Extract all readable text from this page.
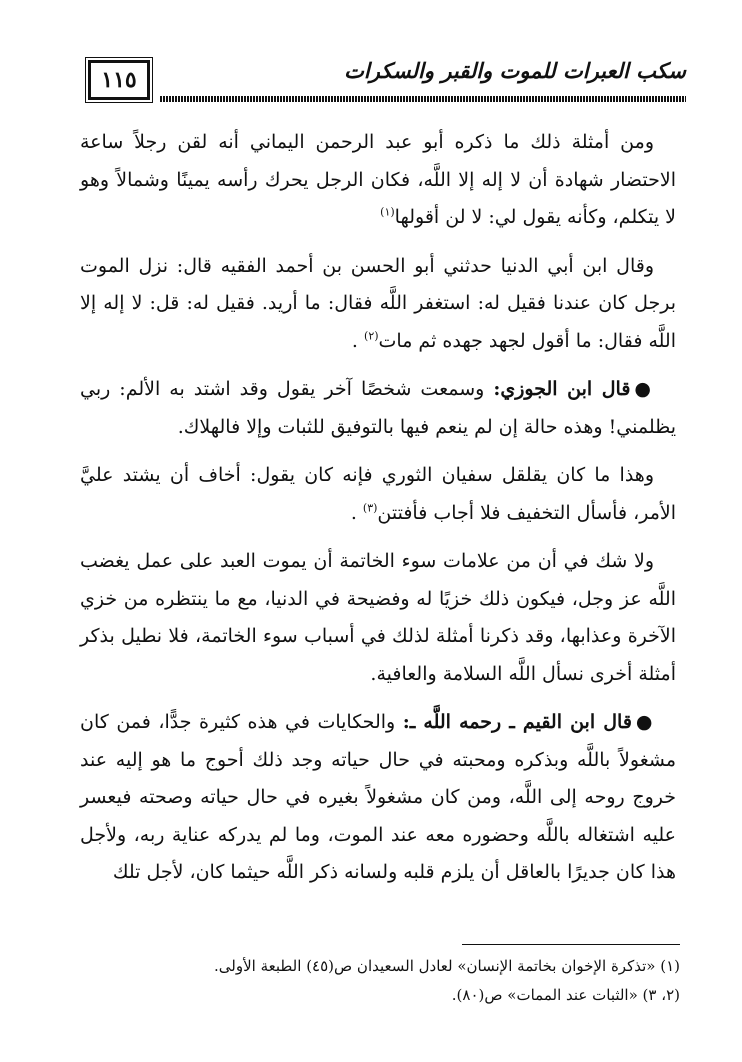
١١٥	سكب العبرات للموت والقبر والسكرات

ومن أمثلة ذلك ما ذكره أبو عبد الرحمن اليماني أنه لقن رجلاً ساعة الاحتضار شهادة أن لا إله إلا اللَّه، فكان الرجل يحرك رأسه يمينًا وشمالاً وهو لا يتكلم، وكأنه يقول لي: لا لن أقولها$^{(١)}$

وقال ابن أبي الدنيا حدثني أبو الحسن بن أحمد الفقيه قال: نزل الموت برجل كان عندنا فقيل له: استغفر اللَّه فقال: ما أريد. فقيل له: قل: لا إله إلا اللَّه فقال: ما أقول لجهد جهده ثم مات$^{(٢)}$ .

●قال ابن الجوزي: وسمعت شخصًا آخر يقول وقد اشتد به الألم: ربي يظلمني! وهذه حالة إن لم ينعم فيها بالتوفيق للثبات وإلا فالهلاك.

وهذا ما كان يقلقل سفيان الثوري فإنه كان يقول: أخاف أن يشتد عليَّ الأمر، فأسأل التخفيف فلا أجاب فأفتتن$^{(٣)}$ .

ولا شك في أن من علامات سوء الخاتمة أن يموت العبد على عمل يغضب اللَّه عز وجل، فيكون ذلك خزيًا له وفضيحة في الدنيا، مع ما ينتظره من خزي الآخرة وعذابها، وقد ذكرنا أمثلة لذلك في أسباب سوء الخاتمة، فلا نطيل بذكر أمثلة أخرى نسأل اللَّه السلامة والعافية.

●قال ابن القيم ـ رحمه اللَّه ـ: والحكايات في هذه كثيرة جدًّا، فمن كان مشغولاً باللَّه وبذكره ومحبته في حال حياته وجد ذلك أحوج ما هو إليه عند خروج روحه إلى اللَّه، ومن كان مشغولاً بغيره في حال حياته وصحته فيعسر عليه اشتغاله باللَّه وحضوره معه عند الموت، وما لم يدركه عناية ربه، ولأجل هذا كان جديرًا بالعاقل أن يلزم قلبه ولسانه ذكر اللَّه حيثما كان، لأجل تلك

(١) «تذكرة الإخوان بخاتمة الإنسان» لعادل السعيدان ص(٤٥) الطبعة الأولى.

(٢، ٣) «الثبات عند الممات» ص(٨٠).
